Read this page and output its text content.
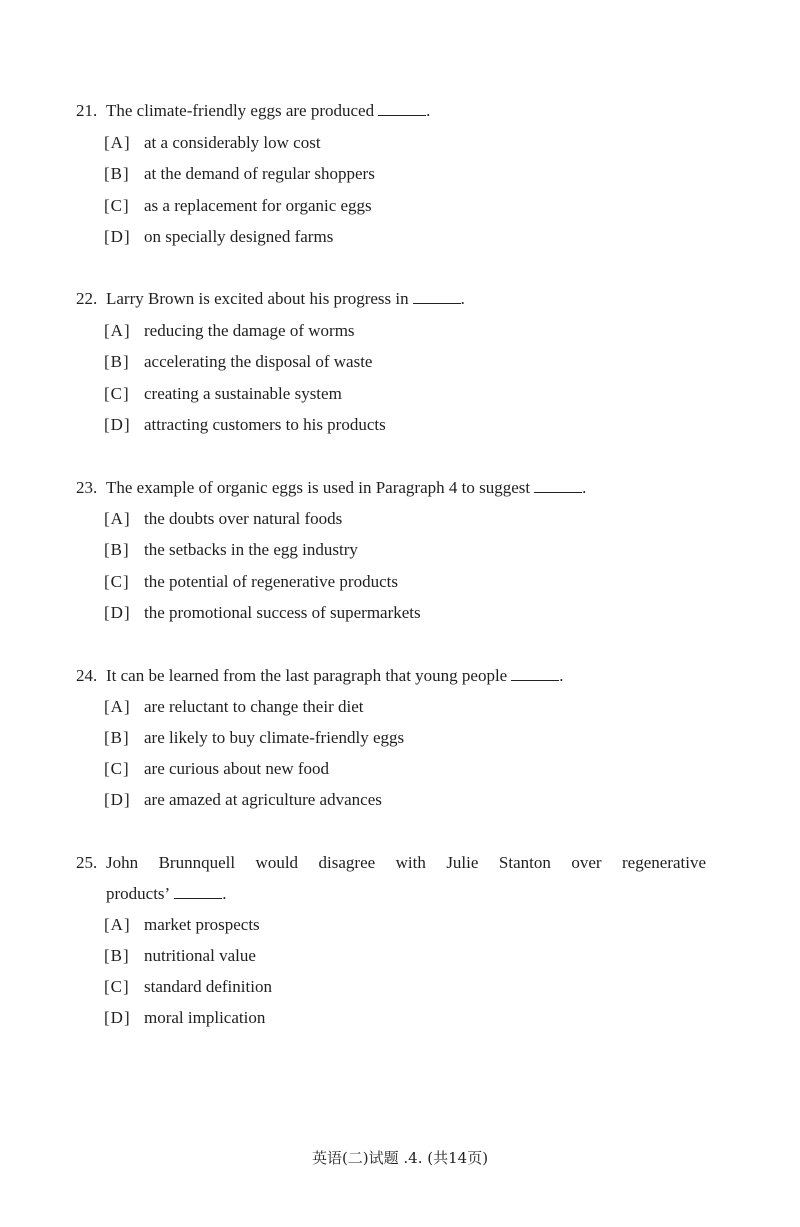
21. The climate-friendly eggs are produced	.
[A] at a considerably low cost
[B] at the demand of regular shoppers
[C] as a replacement for organic eggs
[D] on specially designed farms
22. Larry Brown is excited about his progress in	.
[A] reducing the damage of worms
[B] accelerating the disposal of waste
[C] creating a sustainable system
[D] attracting customers to his products
23. The example of organic eggs is used in Paragraph 4 to suggest	.
[A] the doubts over natural foods
[B] the setbacks in the egg industry
[C] the potential of regenerative products
[D] the promotional success of supermarkets
24. It can be learned from the last paragraph that young people	.
[A] are reluctant to change their diet
[B] are likely to buy climate-friendly eggs
[C] are curious about new food
[D] are amazed at agriculture advances
25. John Brunnquell would disagree with Julie Stanton over regenerative
products’	.
[A] market prospects
[B] nutritional value
[C] standard definition
[D] moral implication
英语(二)试题 .4. (共14页)
